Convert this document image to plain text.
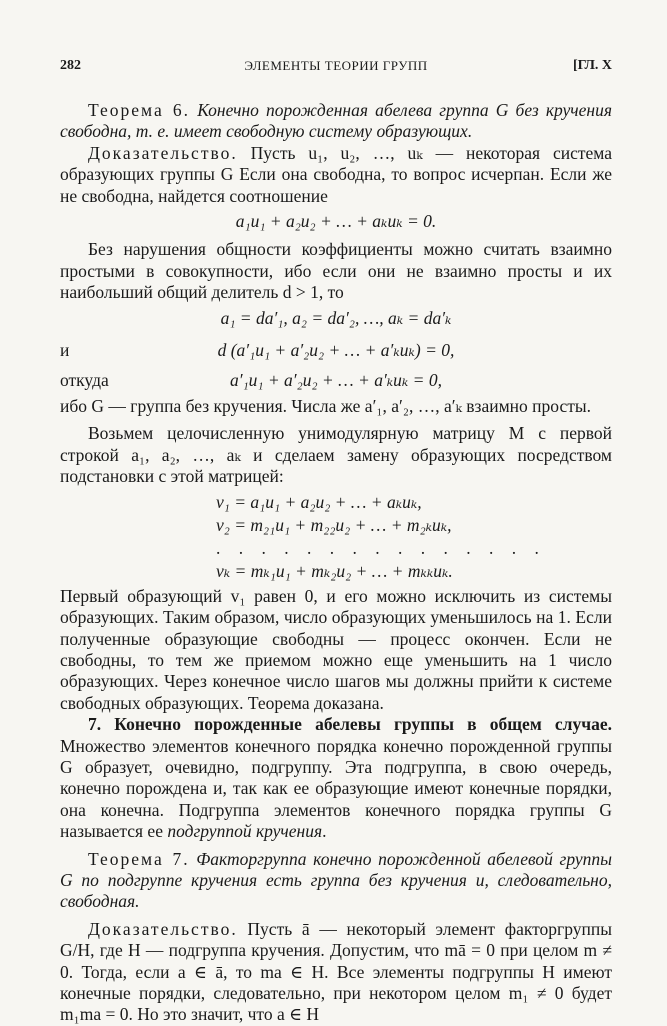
282	ЭЛЕМЕНТЫ ТЕОРИИ ГРУПП	[ГЛ. X

Теорема 6. Конечно порожденная абелева группа G без кручения свободна, т. е. имеет свободную систему образующих.

Доказательство. Пусть u₁, u₂, …, uₖ — некоторая система образующих группы G Если она свободна, то вопрос исчерпан. Если же не свободна, найдется соотношение

a₁u₁ + a₂u₂ + … + aₖuₖ = 0.

Без нарушения общности коэффициенты можно считать взаимно простыми в совокупности, ибо если они не взаимно просты и их наибольший общий делитель d > 1, то

a₁ = da′₁, a₂ = da′₂, …, aₖ = da′ₖ
и	d (a′₁u₁ + a′₂u₂ + … + a′ₖuₖ) = 0,
откуда	a′₁u₁ + a′₂u₂ + … + a′ₖuₖ = 0,

ибо G — группа без кручения. Числа же a′₁, a′₂, …, a′ₖ взаимно просты.

Возьмем целочисленную унимодулярную матрицу M с первой строкой a₁, a₂, …, aₖ и сделаем замену образующих посредством подстановки с этой матрицей:

v₁ = a₁u₁ + a₂u₂ + … + aₖuₖ,
v₂ = m₂₁u₁ + m₂₂u₂ + … + m₂ₖuₖ,
. . . . . . . . . . . . . . .
vₖ = mₖ₁u₁ + mₖ₂u₂ + … + mₖₖuₖ.

Первый образующий v₁ равен 0, и его можно исключить из системы образующих. Таким образом, число образующих уменьшилось на 1. Если полученные образующие свободны — процесс окончен. Если не свободны, то тем же приемом можно еще уменьшить на 1 число образующих. Через конечное число шагов мы должны прийти к системе свободных образующих. Теорема доказана.

7. Конечно порожденные абелевы группы в общем случае. Множество элементов конечного порядка конечно порожденной группы G образует, очевидно, подгруппу. Эта подгруппа, в свою очередь, конечно порождена и, так как ее образующие имеют конечные порядки, она конечна. Подгруппа элементов конечного порядка группы G называется ее подгруппой кручения.

Теорема 7. Факторгруппа конечно порожденной абелевой группы G по подгруппе кручения есть группа без кручения и, следовательно, свободная.

Доказательство. Пусть ā — некоторый элемент факторгруппы G/H, где H — подгруппа кручения. Допустим, что mā = 0 при целом m ≠ 0. Тогда, если a ∈ ā, то ma ∈ H. Все элементы подгруппы H имеют конечные порядки, следовательно, при некотором целом m₁ ≠ 0 будет m₁ma = 0. Но это значит, что a ∈ H
